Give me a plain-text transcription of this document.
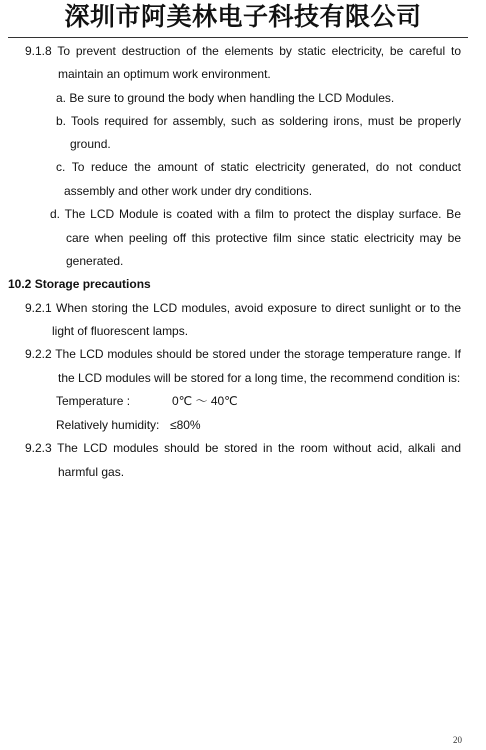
深圳市阿美林电子科技有限公司
9.1.8 To prevent destruction of the elements by static electricity, be careful to
maintain an optimum work environment.
a. Be sure to ground the body when handling the LCD Modules.
b. Tools required for assembly, such as soldering irons, must be properly
ground.
c. To reduce the amount of static electricity generated, do not conduct
assembly and other work under dry conditions.
d. The LCD Module is coated with a film to protect the display surface. Be
care when peeling off this protective film since static electricity may be
generated.
10.2 Storage precautions
9.2.1 When storing the LCD modules, avoid exposure to direct sunlight or to the
light of fluorescent lamps.
9.2.2 The LCD modules should be stored under the storage temperature range. If
the LCD modules will be stored for a long time, the recommend condition is:
Temperature :	0℃ ～ 40℃
Relatively humidity: ≤80%
9.2.3 The LCD modules should be stored in the room without acid, alkali and
harmful gas.
20
